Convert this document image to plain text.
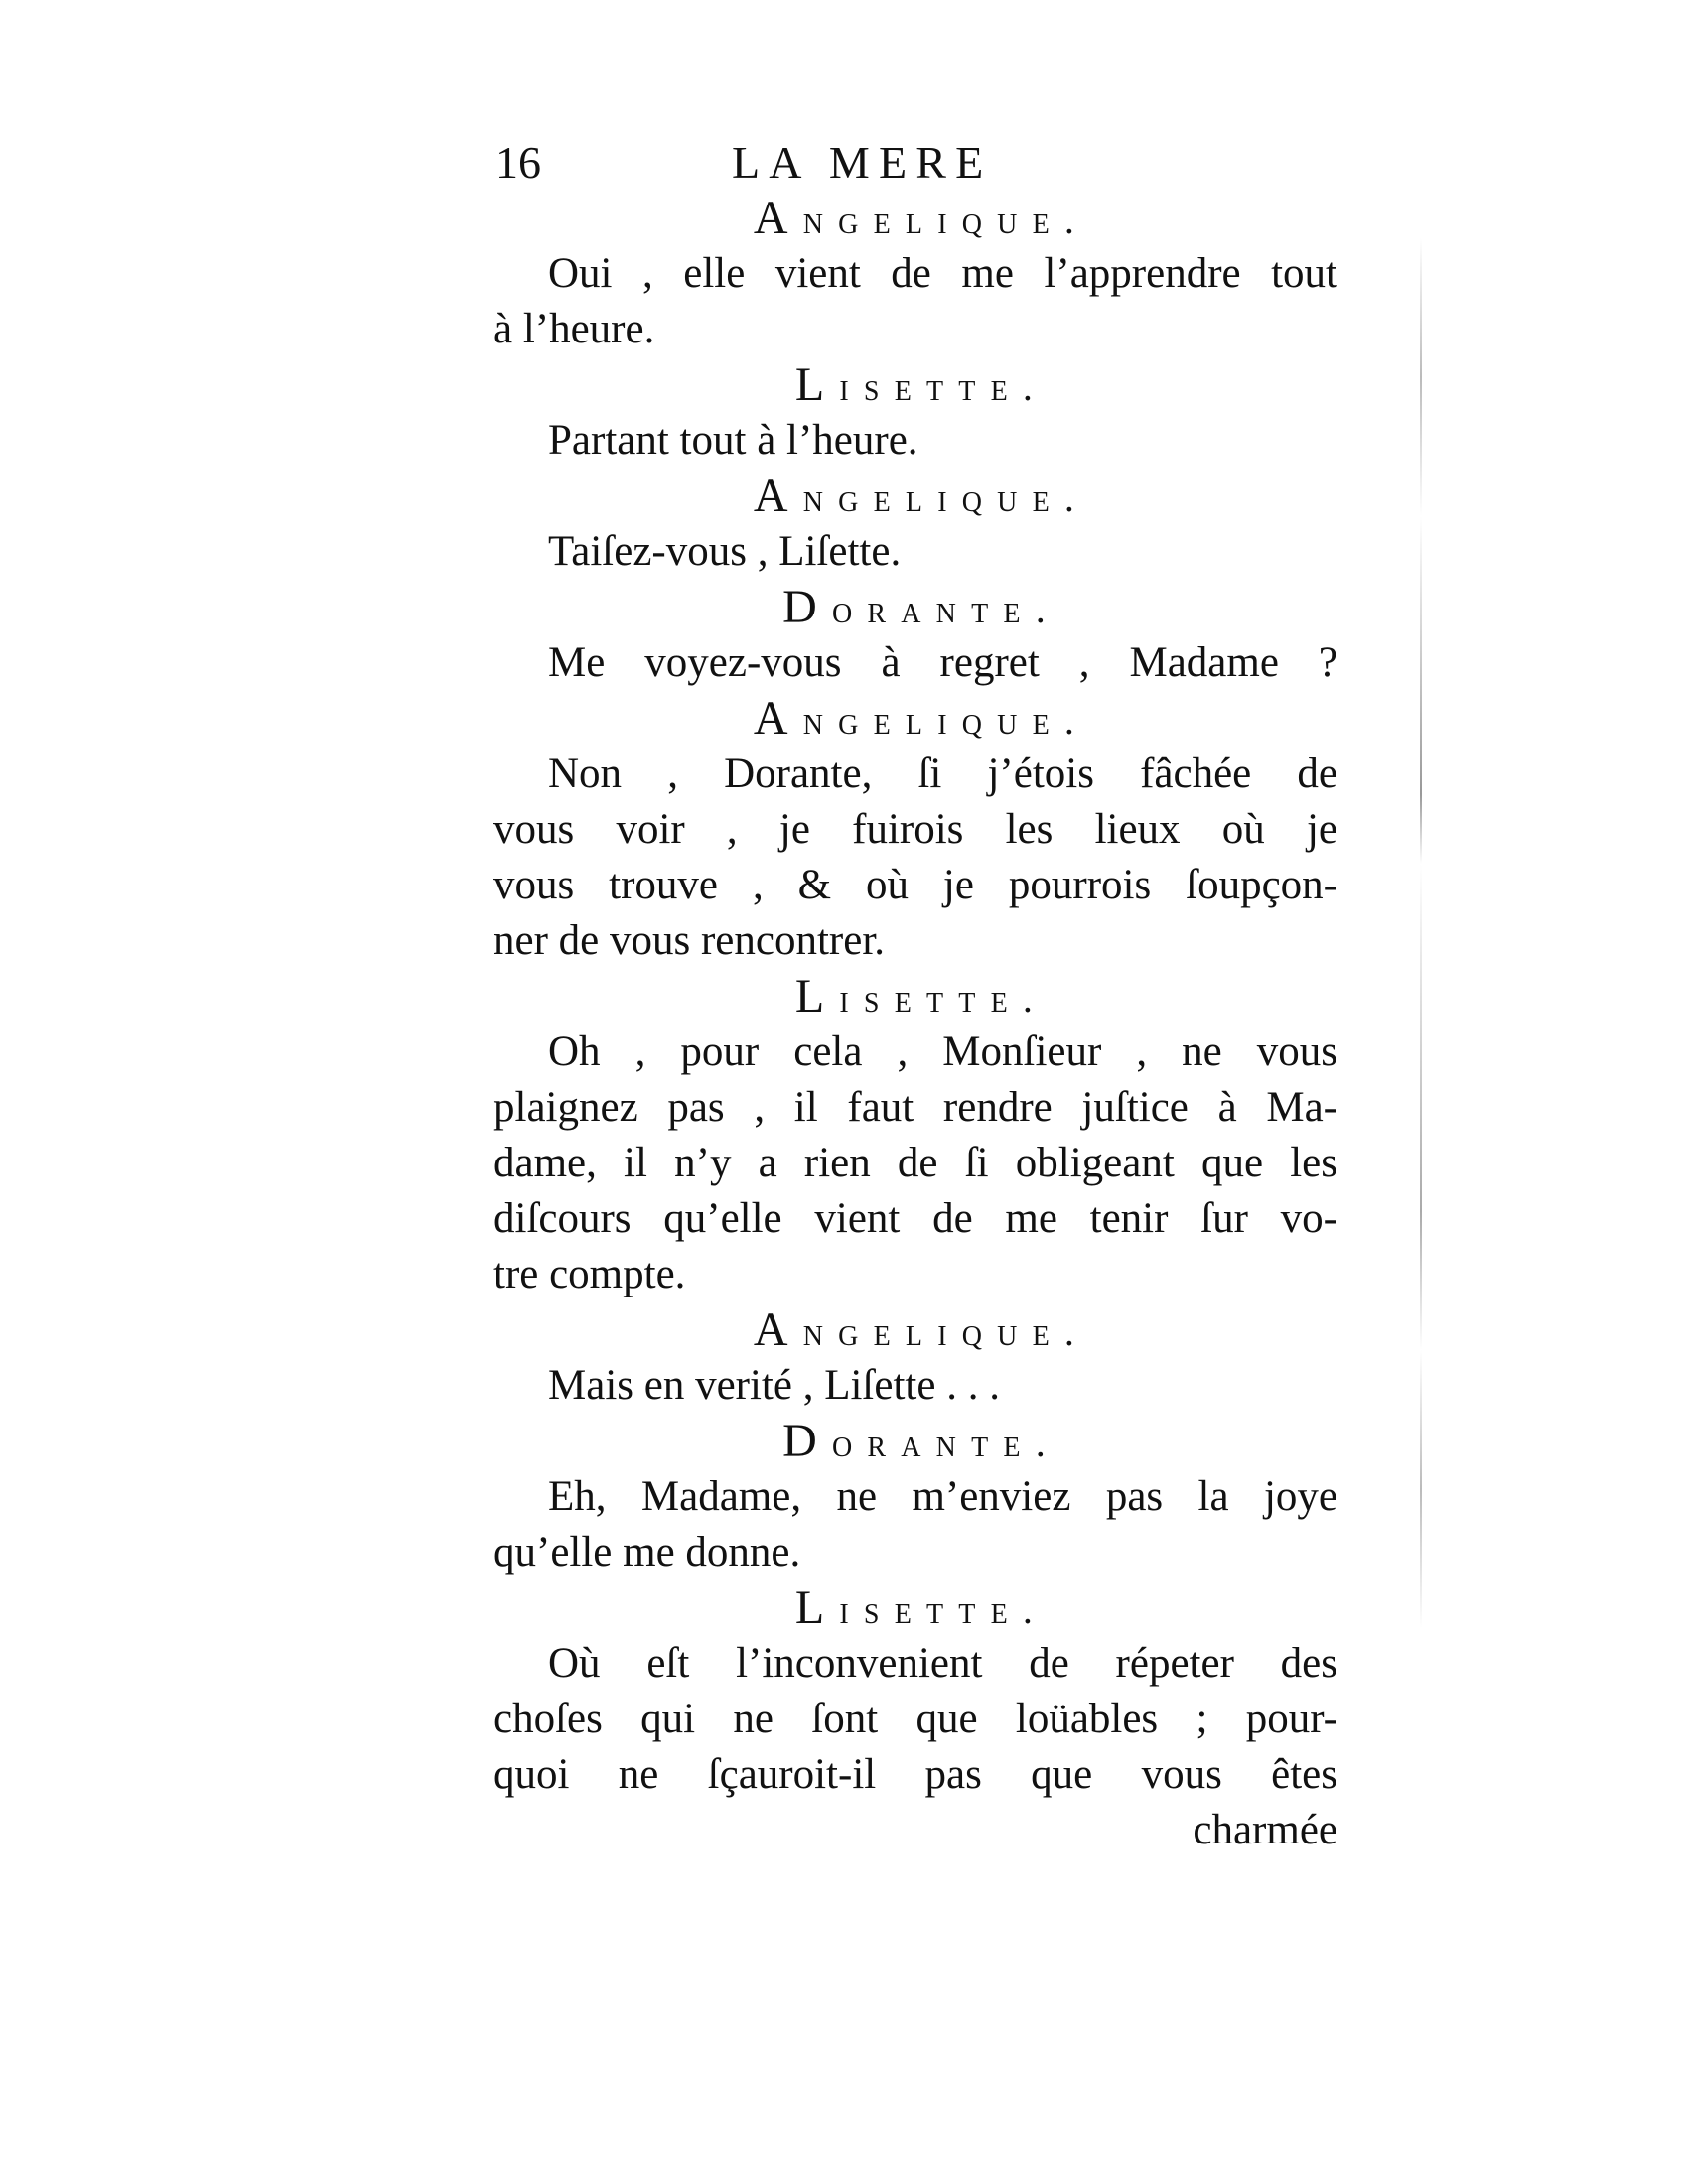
16	LA MERE
Angelique.
Oui , elle vient de me l’apprendre tout
à l’heure.
Lisette.
Partant tout à l’heure.
Angelique.
Taiſez-vous , Liſette.
Dorante.
Me voyez-vous à regret , Madame ?
Angelique.
Non , Dorante, ſi j’étois fâchée de
vous voir , je fuirois les lieux où je
vous trouve , & où je pourrois ſoupçon-
ner de vous rencontrer.
Lisette.
Oh , pour cela , Monſieur , ne vous
plaignez pas , il faut rendre juſtice à Ma-
dame, il n’y a rien de ſi obligeant que les
diſcours qu’elle vient de me tenir ſur vo-
tre compte.
Angelique.
Mais en verité , Liſette . . .
Dorante.
Eh, Madame, ne m’enviez pas la joye
qu’elle me donne.
Lisette.
Où eſt l’inconvenient de répeter des
choſes qui ne ſont que loüables ; pour-
quoi ne ſçauroit-il pas que vous êtes
charmée
